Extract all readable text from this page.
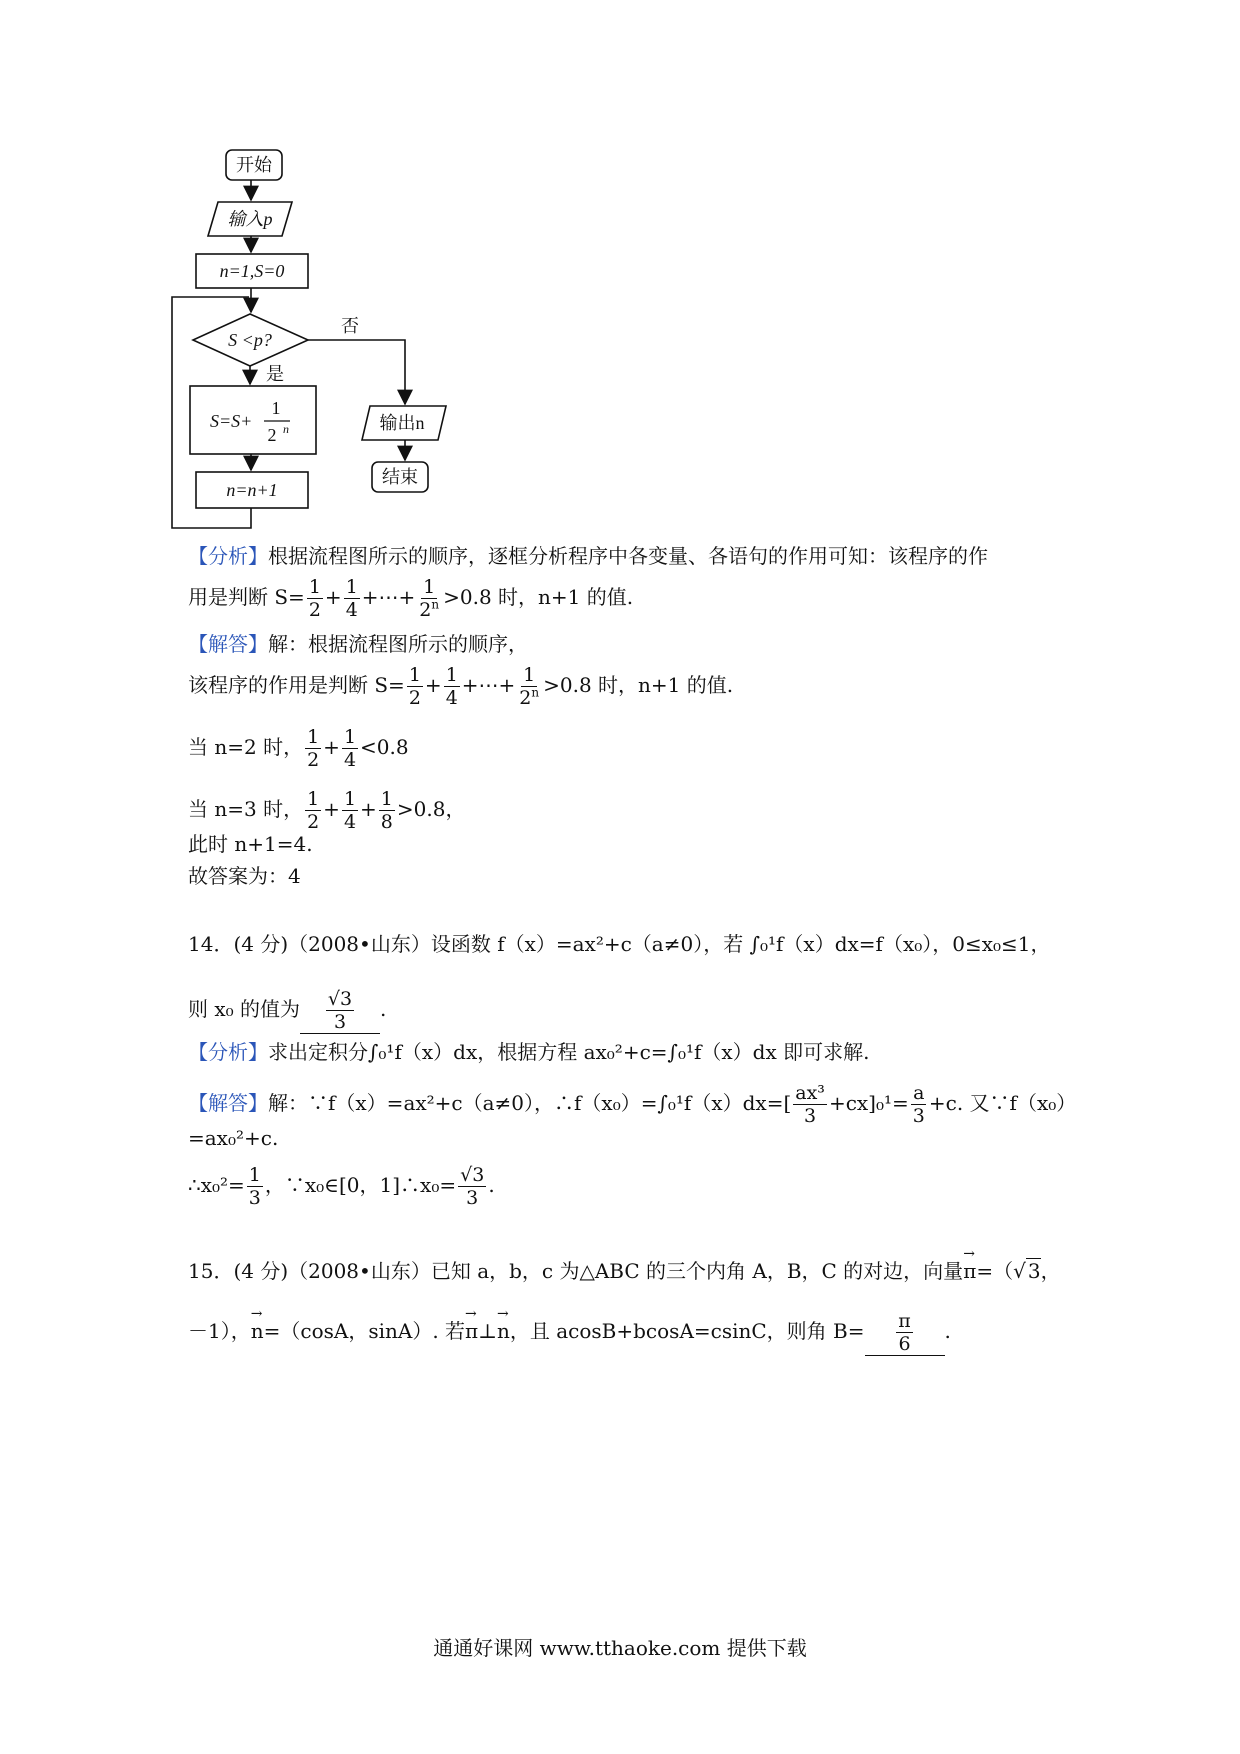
开始
输入p
n=1,S=0
S <p?
否
是
S=S+
1
2 n
n=n+1
输出n
结束
【分析】根据流程图所示的顺序，逐框分析程序中各变量、各语句的作用可知：该程序的作
用是判断 $S= \frac{1}{2} + \frac{1}{4}$ +⋯+ $\frac{1}{2^n} >0.8$ 时，n+1 的值.
【解答】解：根据流程图所示的顺序，
该程序的作用是判断 $S= \frac{1}{2} + \frac{1}{4}$ +⋯+ $\frac{1}{2^n} >0.8$ 时，n+1 的值.
当 n=2 时， $\frac{1}{2} + \frac{1}{4} <0.8$
当 n=3 时， $\frac{1}{2} + \frac{1}{4} + \frac{1}{8} >0.8$，
此时 n+1=4.
故答案为：4
14．(4 分)（2008•山东）设函数 f（x）=ax²+c（a≠0），若 ∫₀¹f（x）dx=f（x₀），0≤x₀≤1，
则 x₀ 的值为 $\frac{√3}{3}$ .
【分析】求出定积分∫₀¹f（x）dx，根据方程 ax₀²+c=∫₀¹f（x）dx 即可求解.
【解答】解：∵f（x）=ax²+c（a≠0），∴f（x₀）=∫₀¹f（x）dx=[ $\frac{\text{ax³}}{3} +cx]_0^1= \frac{a}{3} +c$. 又∵f（x₀）
=ax₀²+c.
∴x₀²= $\frac{1}{3}$ ，∵x₀∈[0，1]∴x₀= $\frac{√3}{3}$ .
15．(4 分)（2008•山东）已知 a，b，c 为△ABC 的三个内角 A，B，C 的对边，向量→ π=（√ 3，
－1），→ n=（cosA，sinA）. 若→ π⊥→ n，且 acosB+bcosA=csinC，则角 $B= \frac{\pi}{6}$ .
通通好课网 www.tthaoke.com 提供下载
